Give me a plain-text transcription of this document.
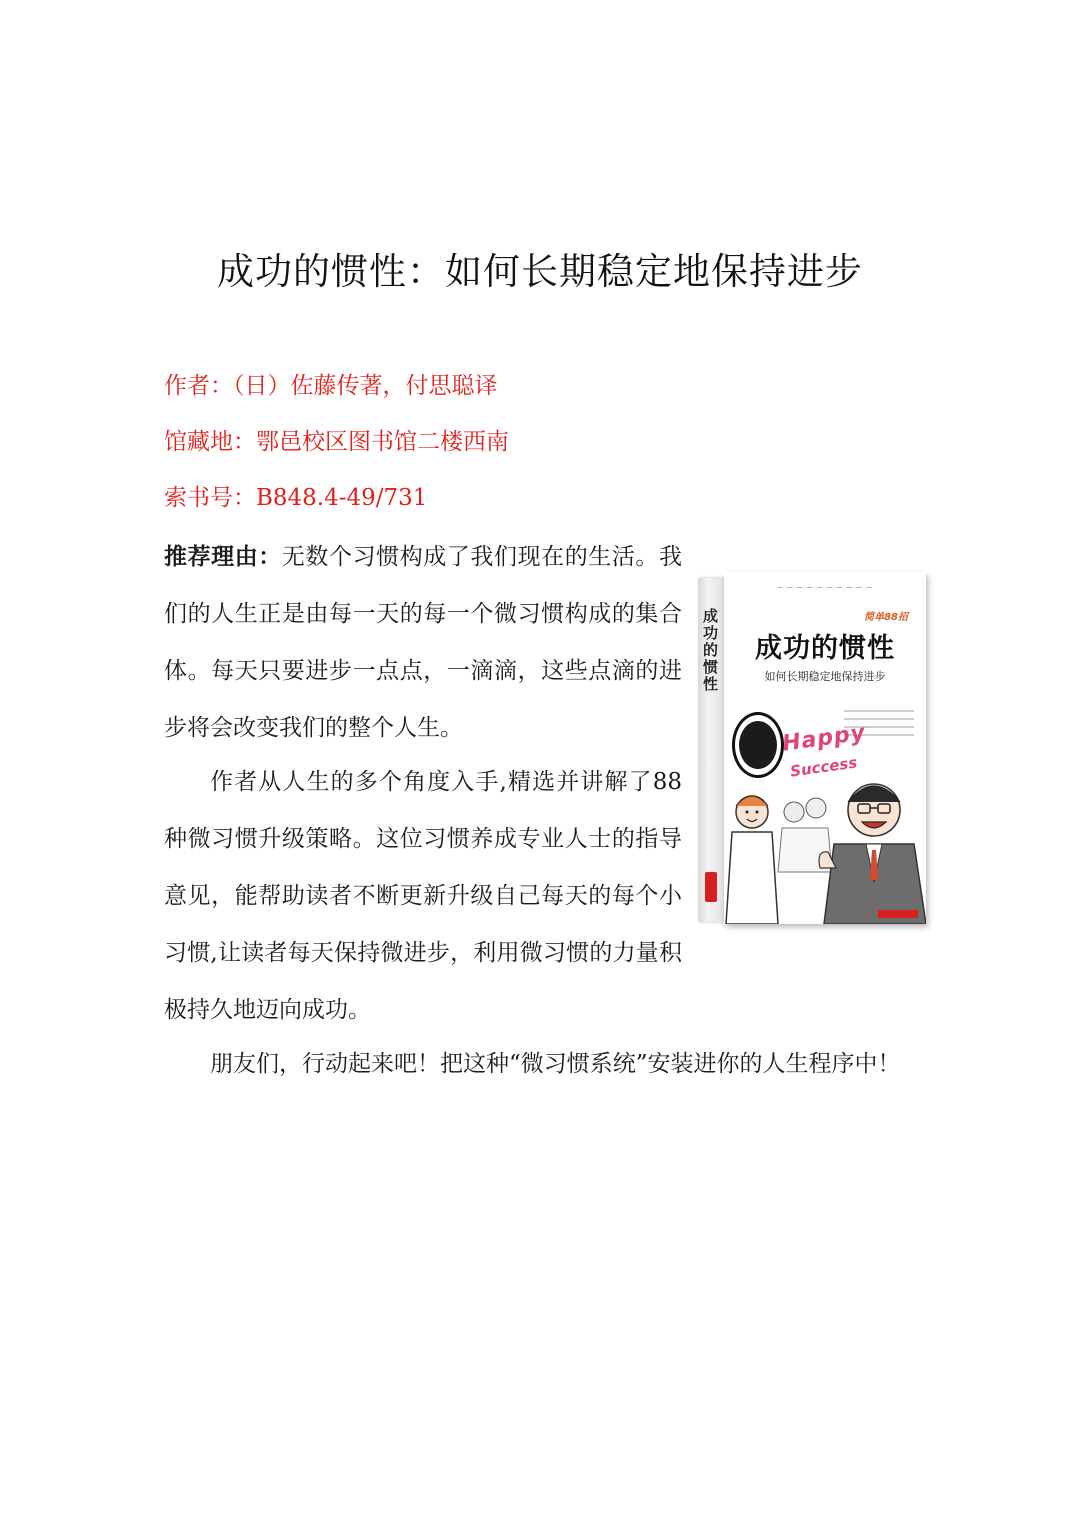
成功的惯性：如何长期稳定地保持进步
作者：（日）佐藤传著，付思聪译
馆藏地：鄂邑校区图书馆二楼西南
索书号：B848.4-49/731
推荐理由：无数个习惯构成了我们现在的生活。我们的人生正是由每一天的每一个微习惯构成的集合体。每天只要进步一点点，一滴滴，这些点滴的进步将会改变我们的整个人生。
作者从人生的多个角度入手,精选并讲解了88种微习惯升级策略。这位习惯养成专业人士的指导意见，能帮助读者不断更新升级自己每天的每个小习惯,让读者每天保持微进步，利用微习惯的力量积极持久地迈向成功。
朋友们，行动起来吧！把这种“微习惯系统”安装进你的人生程序中！
成功的惯性
— — — — — — — — — —
简单88招
成功的惯性
如何长期稳定地保持进步
Happy
Success
